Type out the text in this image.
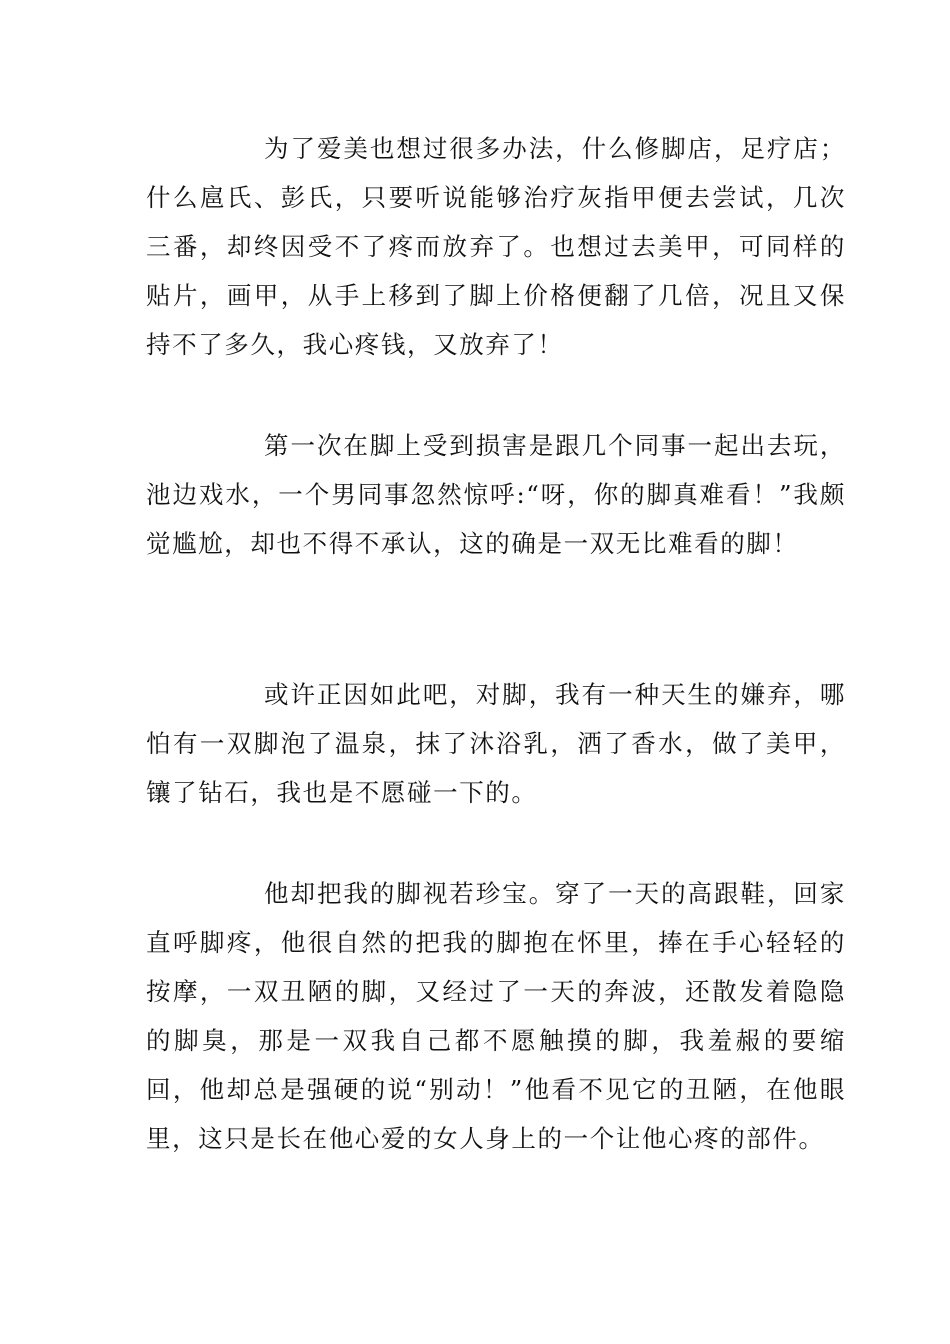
为了爱美也想过很多办法，什么修脚店，足疗店；什么扈氏、彭氏，只要听说能够治疗灰指甲便去尝试，几次三番，却终因受不了疼而放弃了。也想过去美甲，可同样的贴片，画甲，从手上移到了脚上价格便翻了几倍，况且又保持不了多久，我心疼钱，又放弃了！

第一次在脚上受到损害是跟几个同事一起出去玩，池边戏水，一个男同事忽然惊呼:“呀，你的脚真难看！”我颇觉尴尬，却也不得不承认，这的确是一双无比难看的脚！

或许正因如此吧，对脚，我有一种天生的嫌弃，哪怕有一双脚泡了温泉，抹了沐浴乳，洒了香水，做了美甲，镶了钻石，我也是不愿碰一下的。

他却把我的脚视若珍宝。穿了一天的高跟鞋，回家直呼脚疼，他很自然的把我的脚抱在怀里，捧在手心轻轻的按摩，一双丑陋的脚，又经过了一天的奔波，还散发着隐隐的脚臭，那是一双我自己都不愿触摸的脚，我羞赧的要缩回，他却总是强硬的说“别动！”他看不见它的丑陋，在他眼里，这只是长在他心爱的女人身上的一个让他心疼的部件。
